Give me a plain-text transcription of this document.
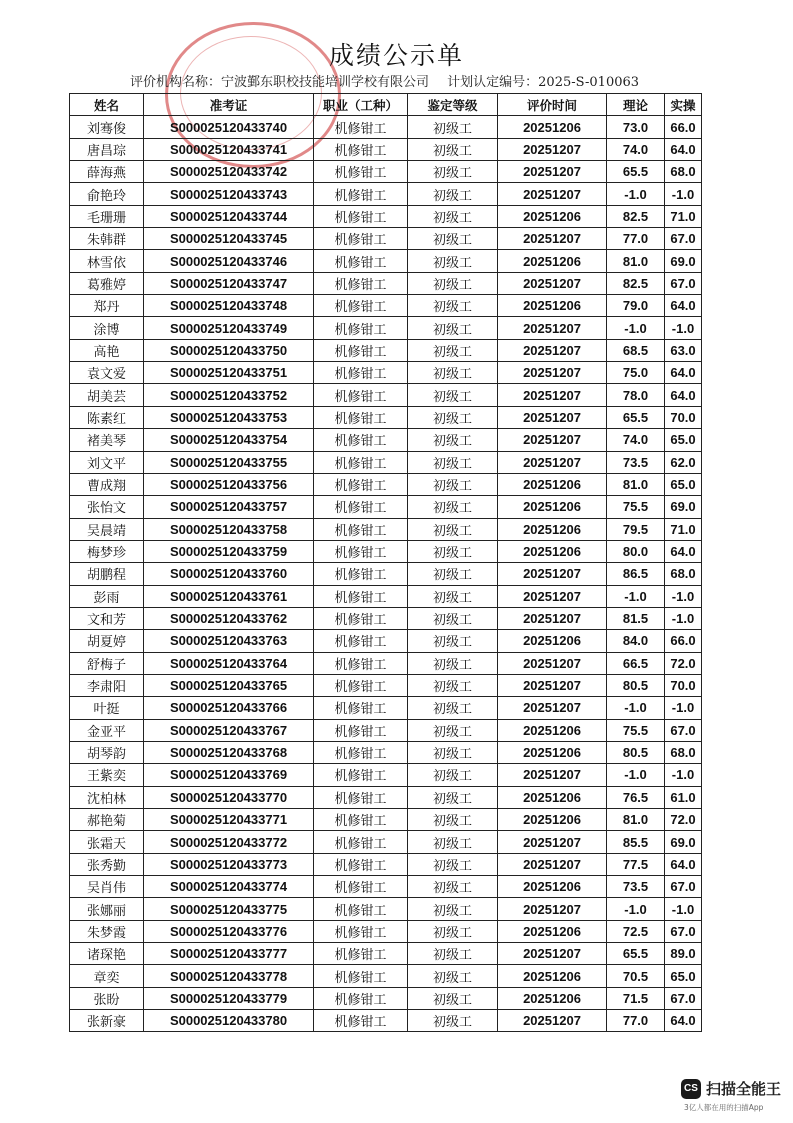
成绩公示单
评价机构名称：宁波鄞东职校技能培训学校有限公司 计划认定编号：2025-S-010063
姓名	准考证	职业（工种）	鉴定等级	评价时间	理论	实操
刘骞俊	S000025120433740	机修钳工	初级工	20251206	73.0	66.0
唐昌琮	S000025120433741	机修钳工	初级工	20251207	74.0	64.0
薛海燕	S000025120433742	机修钳工	初级工	20251207	65.5	68.0
俞艳玲	S000025120433743	机修钳工	初级工	20251207	-1.0	-1.0
毛珊珊	S000025120433744	机修钳工	初级工	20251206	82.5	71.0
朱韩群	S000025120433745	机修钳工	初级工	20251207	77.0	67.0
林雪依	S000025120433746	机修钳工	初级工	20251206	81.0	69.0
葛雅婷	S000025120433747	机修钳工	初级工	20251207	82.5	67.0
郑丹	S000025120433748	机修钳工	初级工	20251206	79.0	64.0
涂博	S000025120433749	机修钳工	初级工	20251207	-1.0	-1.0
高艳	S000025120433750	机修钳工	初级工	20251207	68.5	63.0
袁文爱	S000025120433751	机修钳工	初级工	20251207	75.0	64.0
胡美芸	S000025120433752	机修钳工	初级工	20251207	78.0	64.0
陈素红	S000025120433753	机修钳工	初级工	20251207	65.5	70.0
褚美琴	S000025120433754	机修钳工	初级工	20251207	74.0	65.0
刘文平	S000025120433755	机修钳工	初级工	20251207	73.5	62.0
曹成翔	S000025120433756	机修钳工	初级工	20251206	81.0	65.0
张怡文	S000025120433757	机修钳工	初级工	20251206	75.5	69.0
吴晨靖	S000025120433758	机修钳工	初级工	20251206	79.5	71.0
梅梦珍	S000025120433759	机修钳工	初级工	20251206	80.0	64.0
胡鹏程	S000025120433760	机修钳工	初级工	20251207	86.5	68.0
彭雨	S000025120433761	机修钳工	初级工	20251207	-1.0	-1.0
文和芳	S000025120433762	机修钳工	初级工	20251207	81.5	-1.0
胡夏婷	S000025120433763	机修钳工	初级工	20251206	84.0	66.0
舒梅子	S000025120433764	机修钳工	初级工	20251207	66.5	72.0
李肃阳	S000025120433765	机修钳工	初级工	20251207	80.5	70.0
叶挺	S000025120433766	机修钳工	初级工	20251207	-1.0	-1.0
金亚平	S000025120433767	机修钳工	初级工	20251206	75.5	67.0
胡琴韵	S000025120433768	机修钳工	初级工	20251206	80.5	68.0
王紫奕	S000025120433769	机修钳工	初级工	20251207	-1.0	-1.0
沈柏林	S000025120433770	机修钳工	初级工	20251206	76.5	61.0
郝艳菊	S000025120433771	机修钳工	初级工	20251206	81.0	72.0
张霜天	S000025120433772	机修钳工	初级工	20251207	85.5	69.0
张秀勤	S000025120433773	机修钳工	初级工	20251207	77.5	64.0
吴肖伟	S000025120433774	机修钳工	初级工	20251206	73.5	67.0
张娜丽	S000025120433775	机修钳工	初级工	20251207	-1.0	-1.0
朱梦霞	S000025120433776	机修钳工	初级工	20251206	72.5	67.0
诸琛艳	S000025120433777	机修钳工	初级工	20251207	65.5	89.0
章奕	S000025120433778	机修钳工	初级工	20251206	70.5	65.0
张盼	S000025120433779	机修钳工	初级工	20251206	71.5	67.0
张新豪	S000025120433780	机修钳工	初级工	20251207	77.0	64.0
CS 扫描全能王
3亿人都在用的扫描App
